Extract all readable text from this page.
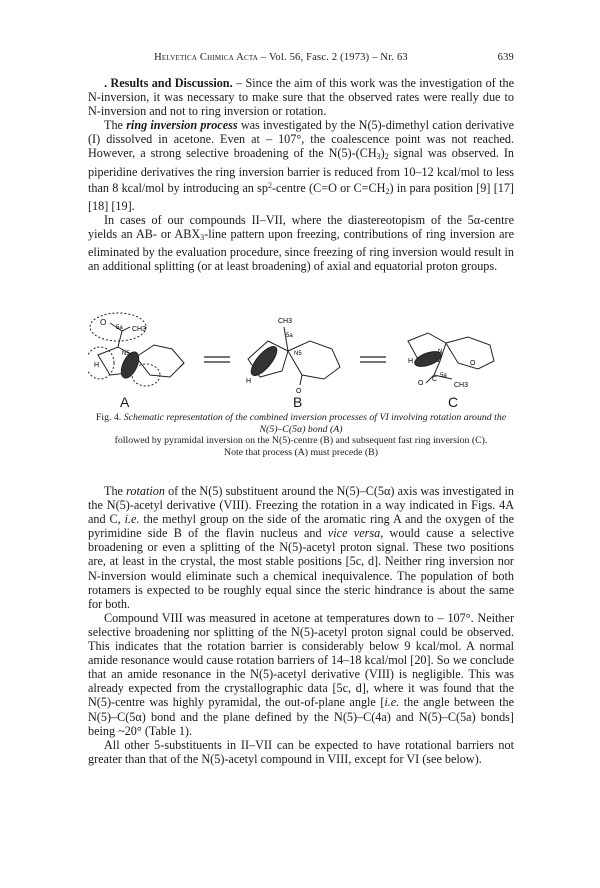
Helvetica Chimica Acta – Vol. 56, Fasc. 2 (1973) – Nr. 63	639

. Results and Discussion. – Since the aim of this work was the investigation of the N-inversion, it was necessary to make sure that the observed rates were really due to N-inversion and not to ring inversion or rotation.

The ring inversion process was investigated by the N(5)-dimethyl cation derivative (I) dissolved in acetone. Even at – 107°, the coalescence point was not reached. However, a strong selective broadening of the $N(5)-(CH_3)_2$ signal was observed. In piperidine derivatives the ring inversion barrier is reduced from 10–12 kcal/mol to less than 8 kcal/mol by introducing an $sp^2$-centre (C=O or $C=CH_2$) in para position [9] [17] [18] [19].

In cases of our compounds II–VII, where the diastereotopism of the 5α-centre yields an AB- or $ABX_3$-line pattern upon freezing, contributions of ring inversion are eliminated by the evaluation procedure, since freezing of ring inversion would result in an additional splitting (or at least broadening) of axial and equatorial proton groups.

O
5a CH3
N5
H
CH3
5a
N5
H
O
H
N
O
O
C 5a
CH3
A	B	C
Fig. 4. Schematic representation of the combined inversion processes of VI involving rotation around the N(5)–C(5α) bond (A)
followed by pyramidal inversion on the N(5)-centre (B) and subsequent fast ring inversion (C).
Note that process (A) must precede (B)

The rotation of the N(5) substituent around the N(5)–C(5α) axis was investigated in the N(5)-acetyl derivative (VIII). Freezing the rotation in a way indicated in Figs. 4A and C, i.e. the methyl group on the side of the aromatic ring A and the oxygen of the pyrimidine side B of the flavin nucleus and vice versa, would cause a selective broadening or even a splitting of the N(5)-acetyl proton signal. These two positions are, at least in the crystal, the most stable positions [5c, d]. Neither ring inversion nor N-inversion would eliminate such a chemical inequivalence. The population of both rotamers is expected to be roughly equal since the steric hindrance is about the same for both.

Compound VIII was measured in acetone at temperatures down to – 107°. Neither selective broadening nor splitting of the N(5)-acetyl proton signal could be observed. This indicates that the rotation barrier is considerably below 9 kcal/mol. A normal amide resonance would cause rotation barriers of 14–18 kcal/mol [20]. So we conclude that an amide resonance in the N(5)-acetyl derivative (VIII) is negligible. This was already expected from the crystallographic data [5c, d], where it was found that the N(5)-centre was highly pyramidal, the out-of-plane angle [i.e. the angle between the N(5)–C(5α) bond and the plane defined by the N(5)–C(4a) and N(5)–C(5a) bonds] being ~20° (Table 1).

All other 5-substituents in II–VII can be expected to have rotational barriers not greater than that of the N(5)-acetyl compound in VIII, except for VI (see below).
